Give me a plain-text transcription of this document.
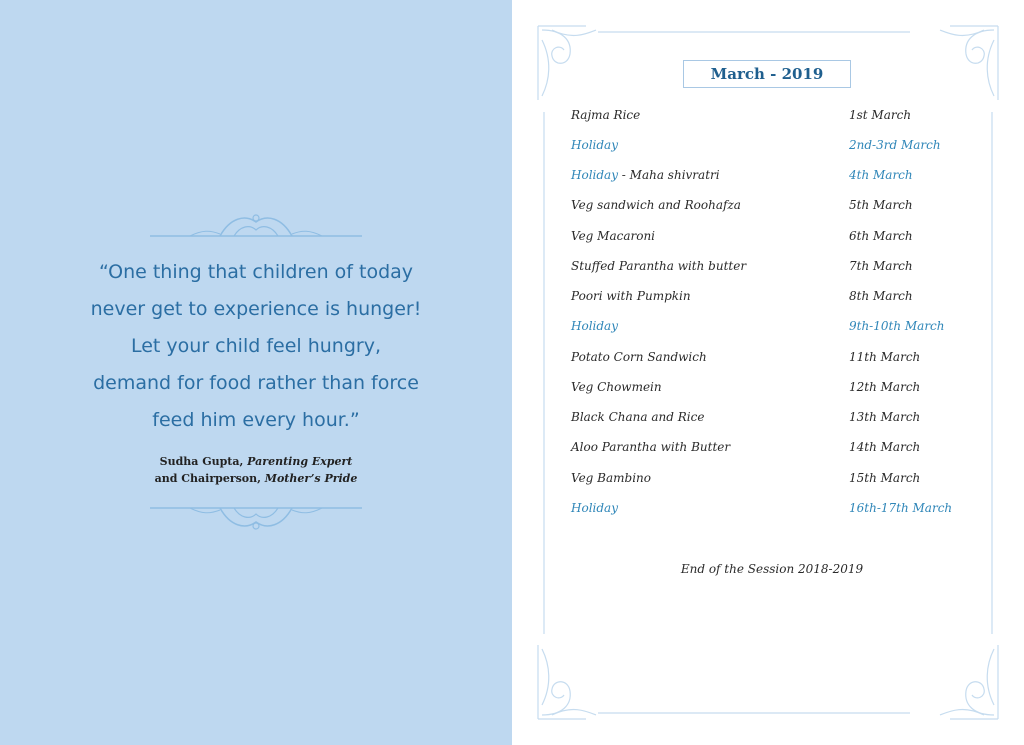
“One thing that children of today
never get to experience is hunger!
Let your child feel hungry,
demand for food rather than force
feed him every hour.”
Sudha Gupta, Parenting Expert
and Chairperson, Mother’s Pride
March - 2019
Rajma Rice	1st March
Holiday	2nd-3rd March
Holiday - Maha shivratri	4th March
Veg sandwich and Roohafza	5th March
Veg Macaroni	6th March
Stuffed Parantha with butter	7th March
Poori with Pumpkin	8th March
Holiday	9th-10th March
Potato Corn Sandwich	11th March
Veg Chowmein	12th March
Black Chana and Rice	13th March
Aloo Parantha with Butter	14th March
Veg Bambino	15th March
Holiday	16th-17th March
End of the Session 2018-2019
